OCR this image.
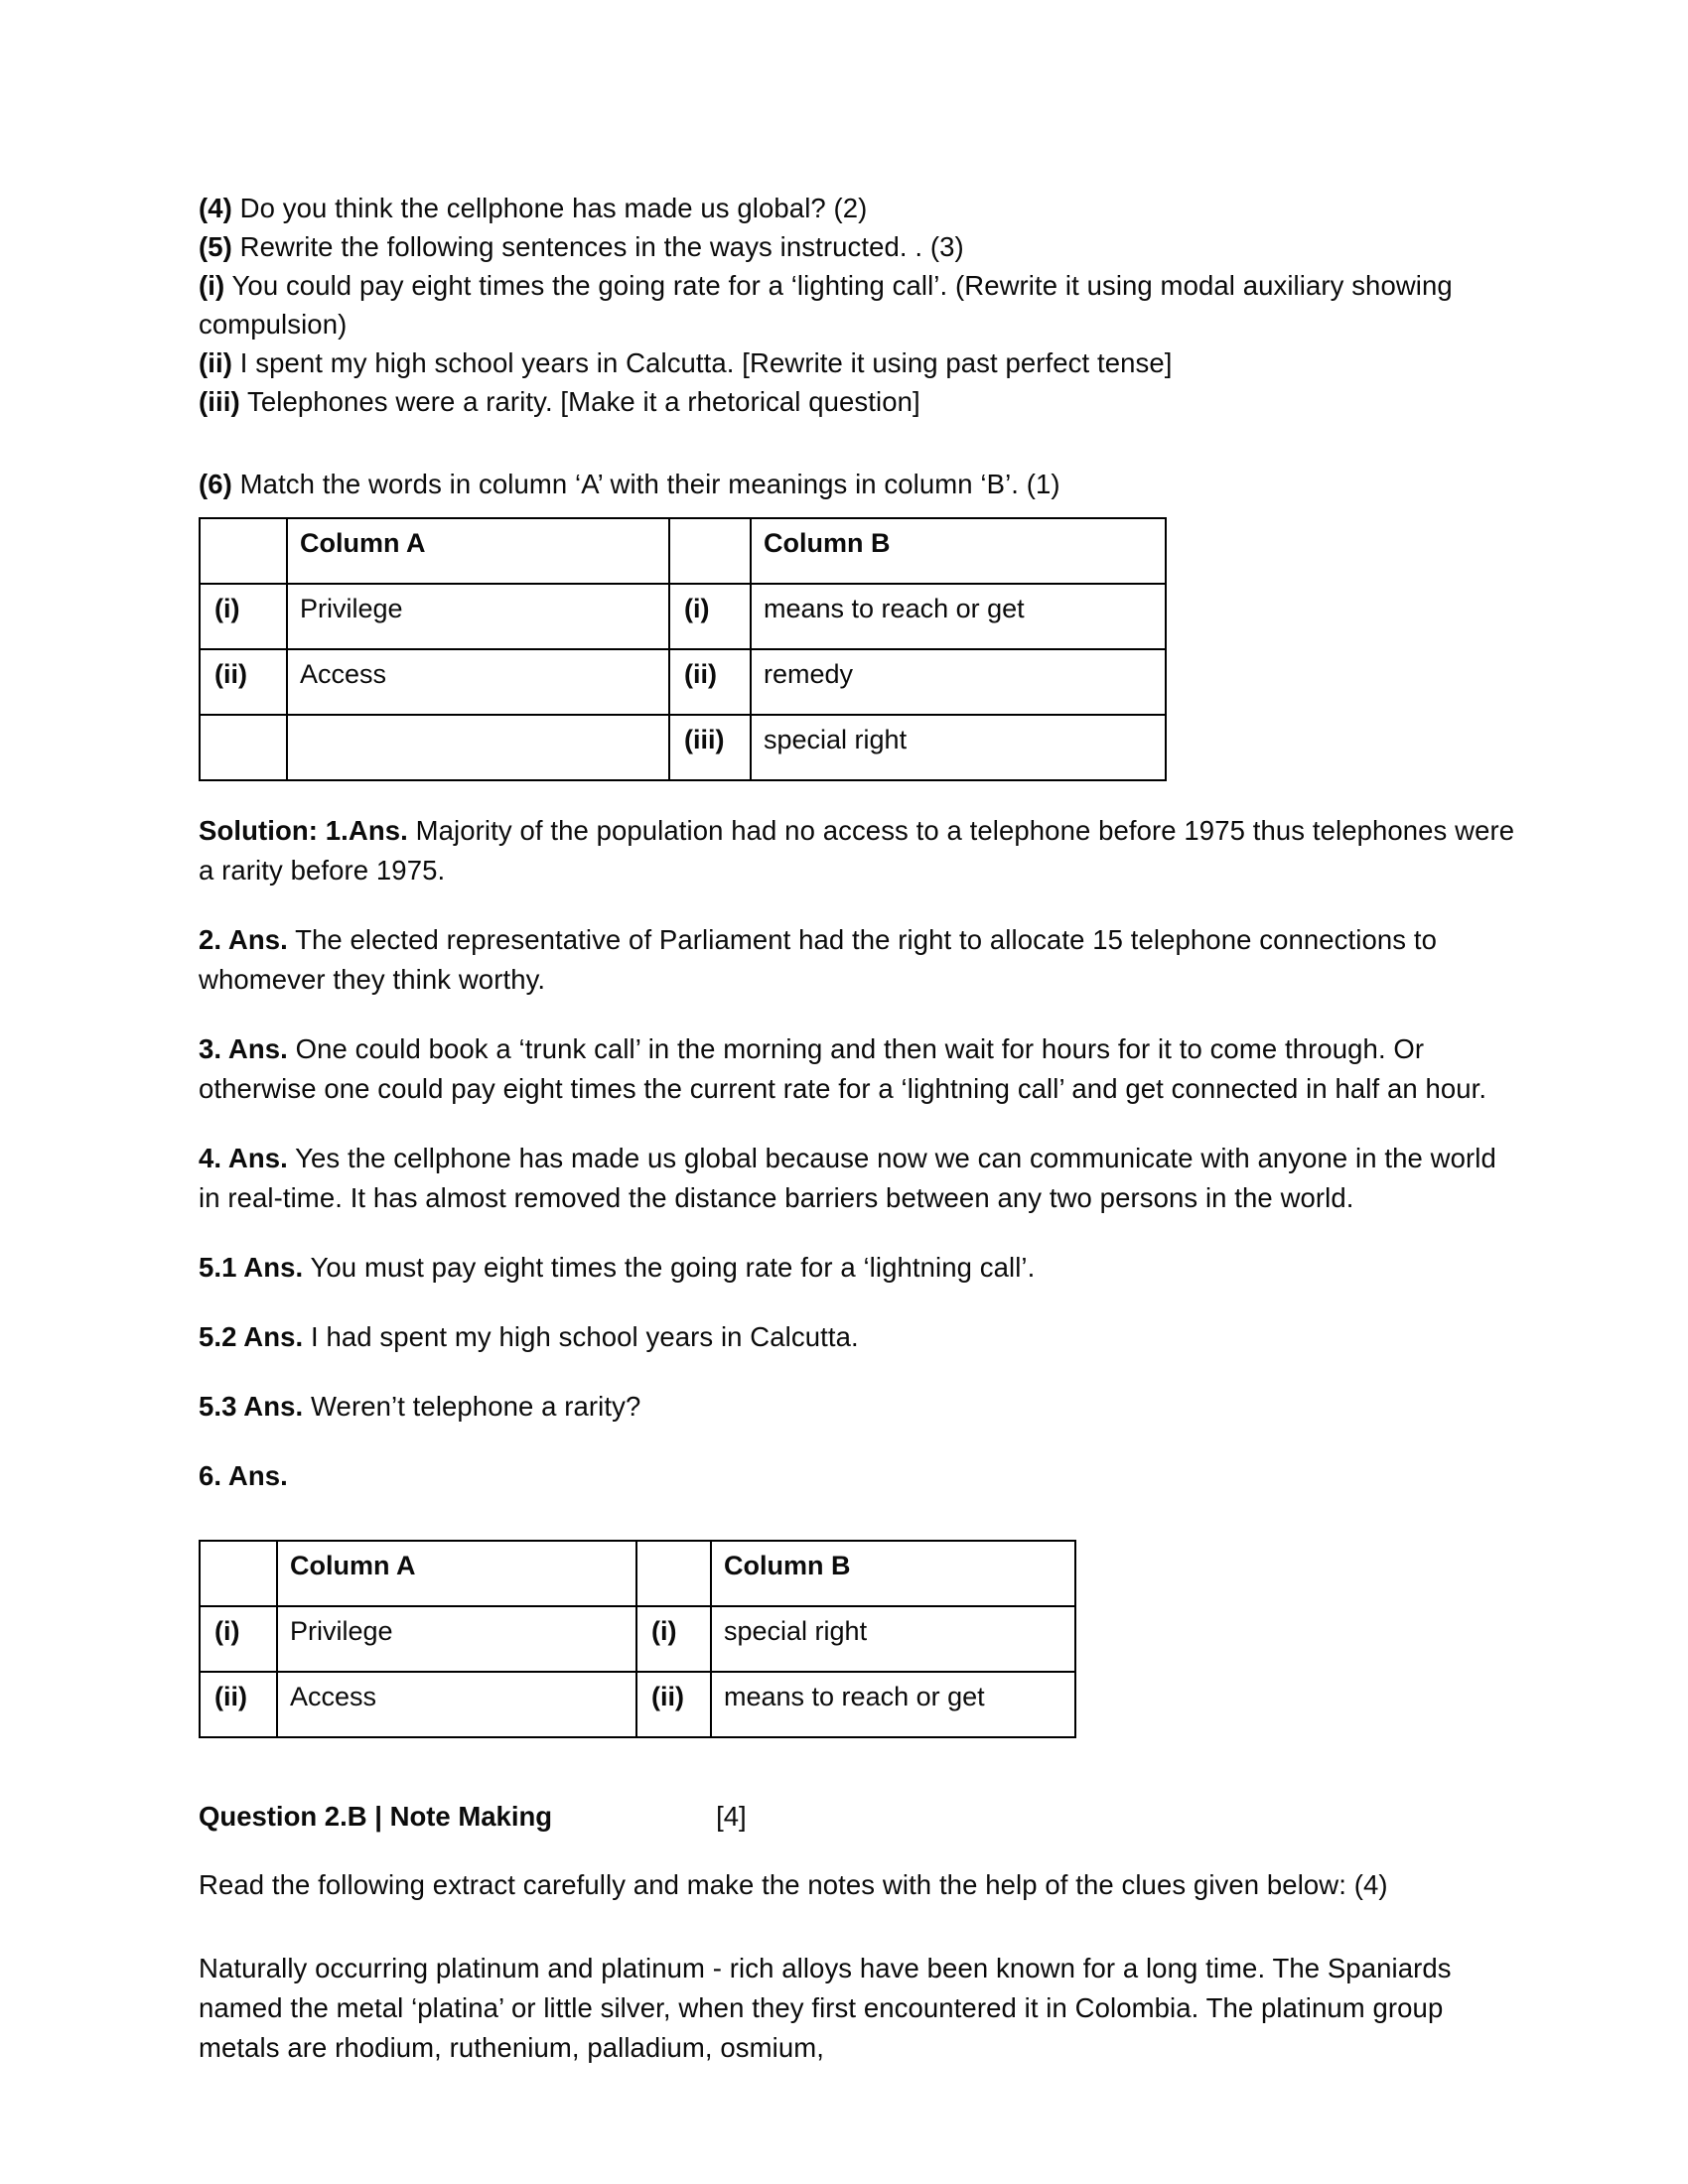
(4) Do you think the cellphone has made us global? (2)

(5) Rewrite the following sentences in the ways instructed. . (3)

(i) You could pay eight times the going rate for a ‘lighting call’. (Rewrite it using modal auxiliary showing compulsion)

(ii) I spent my high school years in Calcutta. [Rewrite it using past perfect tense]

(iii) Telephones were a rarity. [Make it a rhetorical question]

(6) Match the words in column ‘A’ with their meanings in column ‘B’. (1)

	Column A		Column B
(i)	Privilege	(i)	means to reach or get
(ii)	Access	(ii)	remedy
		(iii)	special right

Solution: 1.Ans. Majority of the population had no access to a telephone before 1975 thus telephones were a rarity before 1975.

2. Ans. The elected representative of Parliament had the right to allocate 15 telephone connections to whomever they think worthy.

3. Ans. One could book a ‘trunk call’ in the morning and then wait for hours for it to come through. Or otherwise one could pay eight times the current rate for a ‘lightning call’ and get connected in half an hour.

4. Ans. Yes the cellphone has made us global because now we can communicate with anyone in the world in real-time. It has almost removed the distance barriers between any two persons in the world.

5.1 Ans. You must pay eight times the going rate for a ‘lightning call’.

5.2 Ans. I had spent my high school years in Calcutta.

5.3 Ans. Weren’t telephone a rarity?

6. Ans.

	Column A		Column B
(i)	Privilege	(i)	special right
(ii)	Access	(ii)	means to reach or get
Question 2.B | Note Making	[4]

Read the following extract carefully and make the notes with the help of the clues given below: (4)

Naturally occurring platinum and platinum - rich alloys have been known for a long time. The Spaniards named the metal ‘platina’ or little silver, when they first encountered it in Colombia. The platinum group metals are rhodium, ruthenium, palladium, osmium,
